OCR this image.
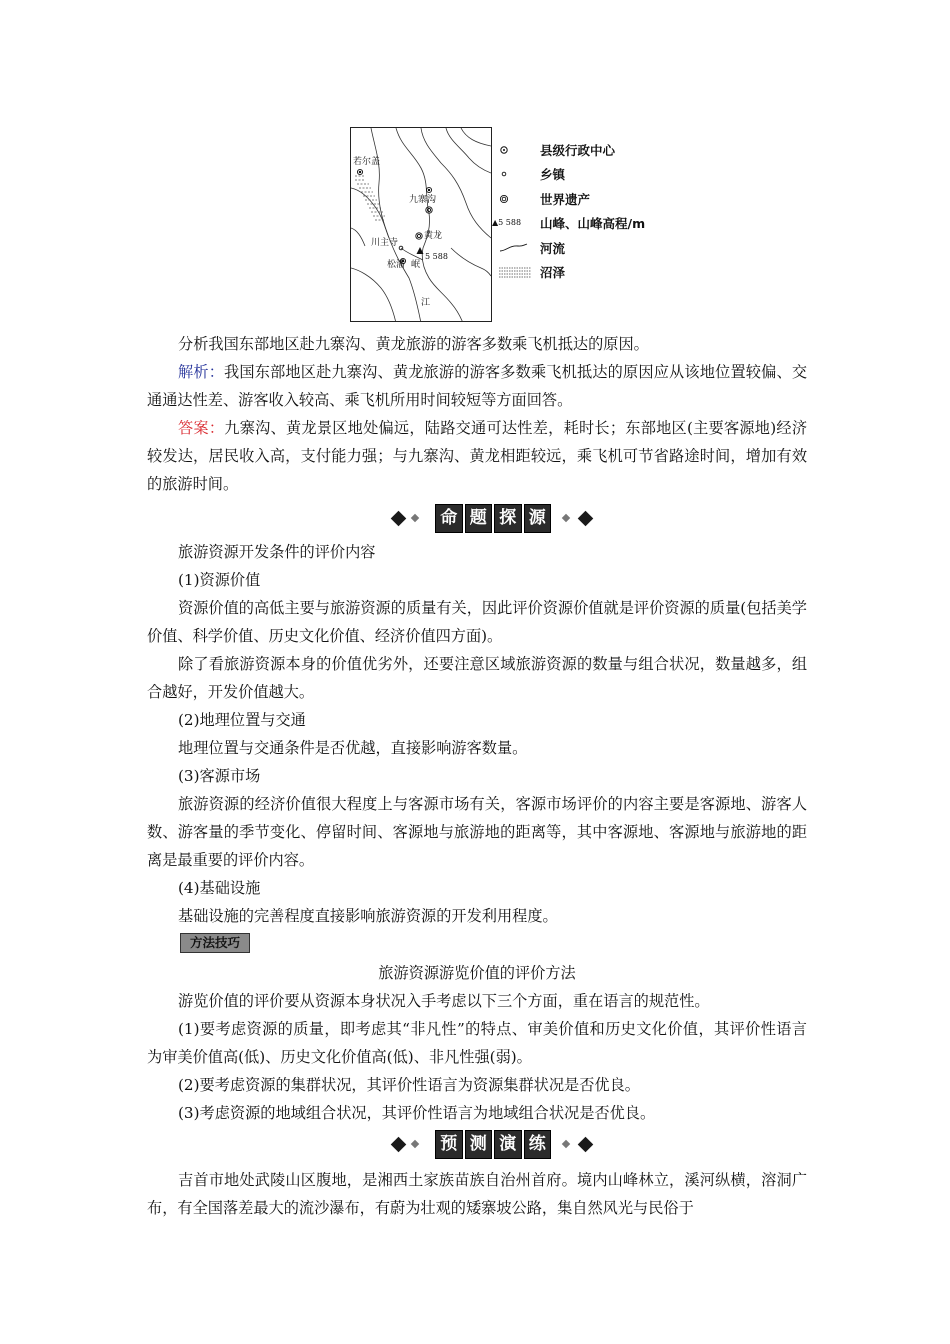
若尔盖
九寨沟
川主寺
黄龙
5 588
松潘 岷
江
县级行政中心
乡镇
世界遗产
▲5 588	山峰、山峰高程/m
河流
沼泽

分析我国东部地区赴九寨沟、黄龙旅游的游客多数乘飞机抵达的原因。

解析：我国东部地区赴九寨沟、黄龙旅游的游客多数乘飞机抵达的原因应从该地位置较偏、交通通达性差、游客收入较高、乘飞机所用时间较短等方面回答。

答案：九寨沟、黄龙景区地处偏远，陆路交通可达性差，耗时长；东部地区(主要客源地)经济较发达，居民收入高，支付能力强；与九寨沟、黄龙相距较远，乘飞机可节省路途时间，增加有效的旅游时间。

命 题 探 源

旅游资源开发条件的评价内容

(1)资源价值

资源价值的高低主要与旅游资源的质量有关，因此评价资源价值就是评价资源的质量(包括美学价值、科学价值、历史文化价值、经济价值四方面)。

除了看旅游资源本身的价值优劣外，还要注意区域旅游资源的数量与组合状况，数量越多，组合越好，开发价值越大。

(2)地理位置与交通

地理位置与交通条件是否优越，直接影响游客数量。

(3)客源市场

旅游资源的经济价值很大程度上与客源市场有关，客源市场评价的内容主要是客源地、游客人数、游客量的季节变化、停留时间、客源地与旅游地的距离等，其中客源地、客源地与旅游地的距离是最重要的评价内容。

(4)基础设施

基础设施的完善程度直接影响旅游资源的开发利用程度。

方法技巧
旅游资源游览价值的评价方法

游览价值的评价要从资源本身状况入手考虑以下三个方面，重在语言的规范性。

(1)要考虑资源的质量，即考虑其“非凡性”的特点、审美价值和历史文化价值，其评价性语言为审美价值高(低)、历史文化价值高(低)、非凡性强(弱)。

(2)要考虑资源的集群状况，其评价性语言为资源集群状况是否优良。

(3)考虑资源的地域组合状况，其评价性语言为地域组合状况是否优良。

预 测 演 练

吉首市地处武陵山区腹地，是湘西土家族苗族自治州首府。境内山峰林立，溪河纵横，溶洞广布，有全国落差最大的流沙瀑布，有蔚为壮观的矮寨坡公路，集自然风光与民俗于
